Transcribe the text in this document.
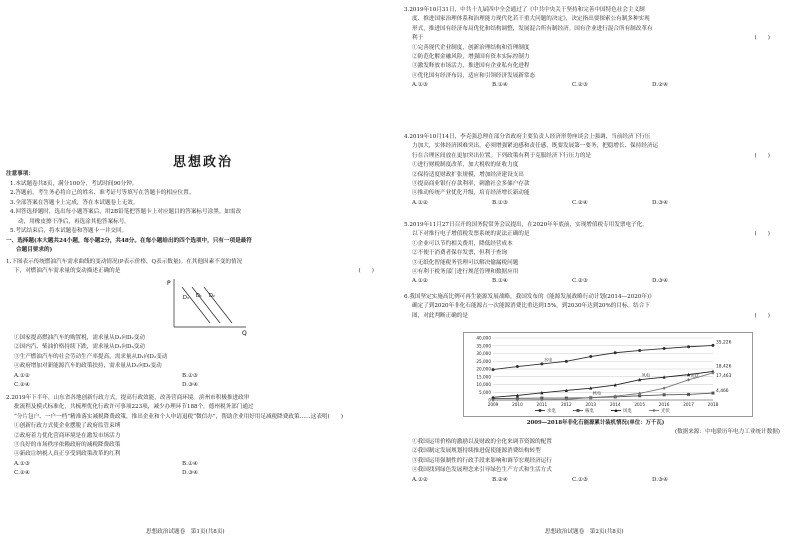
思想政治
注意事项：
1.本试题卷共8页，满分100分，考试时间90分钟。
2.答题前，考生务必将自己的姓名、准考证号等填写在答题卡的相应位置。
3.全部答案在答题卡上完成，答在本试题卷上无效。
4.回答选择题时，选出每小题答案后，用2B铅笔把答题卡上对应题目的答案标号涂黑。如需改
动，用橡皮擦干净后，再选涂其他答案标号。
5.考试结束后，将本试题卷和答题卡一并交回。
一、选择题(本大题共24小题，每小题2分，共48分。在每小题给出的四个选项中，只有一项是最符
合题目要求的)
1.下图表示传统燃油汽车需求曲线的变动情况(P表示价格，Q表示数量)。在其他因素不变的情况
下，对燃油汽车需求量的变动描述正确的是	(　　)
P
Q
D₃ D₁ D₂
①国家提高燃油汽车的购置税，需求量从D₁向D₂变动
②国内汽、柴油价格持续下跌，需求量从D₁向D₃变动
③生产燃油汽车的社会劳动生产率提高，需求量从D₁向D₂变动
④政府增加对新能源汽车的政策扶持，需求量从D₁向D₃变动
A.①②	B.①③
C.②④	D.③④
2.2019年下半年，山东省各地创新行政方式，提高行政效能，改善营商环境。滨州市积极推进政审
批流程及模式标准化，共梳理优化行政许可事项223项，减少办理环节188个。德州税务部门通过
“分片包户、一户一档”精准落实减税降费政策，推出企业和个人申请退税“微信办”，帮助企业用好用足减税降费政策……这表明(　　)
①创新行政方式使企业摆脱了政府监管束缚
②政府着力优化营商环境是在激发市场活力
③良好的市场秩序依赖政府的减税降费政策
④新政让纳税人真正享受到政策改革的红利
A.①③	B.①④
C.②④	D.③④
思想政治试题卷　第1页(共8页)
3.2019年10月31日，中共十九届四中全会通过了《中共中央关于坚持和完善中国特色社会主义制
度、推进国家治理体系和治理能力现代化若干重大问题的决定》，决定指出要探索公有制多种实现
形式，推进国有经济布局优化和结构调整，发展混合所有制经济。国有企业进行混合所有制改革有
利于	(　　)
①完善现代企业制度，创新治理结构和管理制度
②防范化解金融风险，增强国有资本实际控制力
③激发释放市场活力，推进国有企业私有化进程
④优化国有经济布局，适应和引领经济发展新常态
A.①③	B.①④	C.②③	D.②④
4.2019年10月14日，李克强总理在部分省政府主要负责人经济形势座谈会上强调，当前经济下行压
力加大，实体经济困难突出，必须增强紧迫感和责任感，既要发展第一要务，把稳增长、保持经济运
行在合理区间放在更加突出位置。下列政策有利于克服经济下行压力的是	(　　)
①进行财税制度改革，加大税收的征收力度
②保持适度财政扩张规模，增加经济建设支出
③提高商业银行存款利率，刺激社会多储户存款
④推动传统产业优化升级，培育经济增长新动能
A.①②	B.①③	C.②④	D.③④
5.2019年11月27日召开的国务院常务会议提出，在2020年年底前，实现增值税专用发票电子化。
以下对推行电子增值税发票系统的说法正确的是	(　　)
①企业可以节约相关费用，降低经营成本
②不便于消费者保存发票，但利于查询
③无纸化智能税务管理可以解决偷漏税问题
④有利于税务部门进行规范管理和数据应用
A.①②	B.①④	C.②③	D.③④
6.我国坚定实施高比例可再生能源发展战略，我国发布的《能源发展战略行动计划(2014—2020年)》
确定了到2020年非化石能源占一次能源消费比重达到15%，到2030年达到20%的目标。结合下
图，对此判断正确的是	(　　)
0
5,000
10,000
15,000
20,000
25,000
30,000
35,000
40,000
2009	2010	2011	2012	2013	2014	2015	2016	2017	2018
水电
核电
风电	光伏
35,226
18,426
17,463
4,466
水电	核电	风电	光伏
2009—2018年非化石能源累计装机情况(单位：万千瓦)
(数据来源：中电联历年电力工业统计数据)
①我国运用价格的激励以及财政的全化来调节资源的配置
②我国制定发展规划持续推进促使能源消费结构转型
③我国运用强制性的行政手段来影响和调节宏观经济运行
④我国找到绿色发展理念来引导绿色生产方式和生活方式
A.①②	B.②④	C.①③	D.③④
思想政治试题卷　第2页(共8页)
